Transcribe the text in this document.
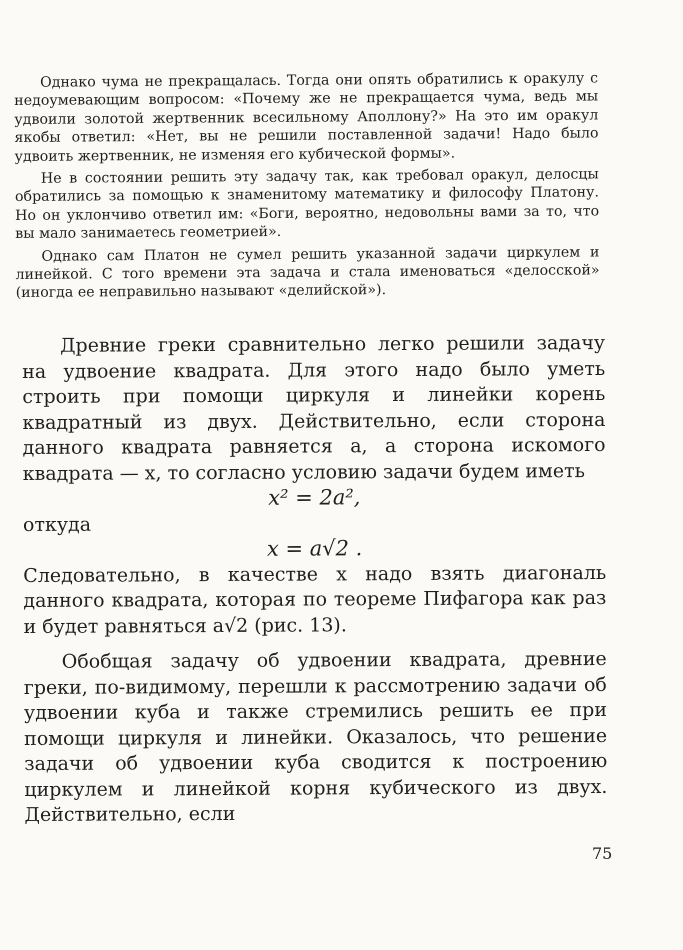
Однако чума не прекращалась. Тогда они опять обратились к оракулу с недоумевающим вопросом: «Почему же не прекращается чума, ведь мы удвоили золотой жертвенник всесильному Аполлону?» На это им оракул якобы ответил: «Нет, вы не решили поставленной задачи! Надо было удвоить жертвенник, не изменяя его кубической формы».

Не в состоянии решить эту задачу так, как требовал оракул, делосцы обратились за помощью к знаменитому математику и философу Платону. Но он уклончиво ответил им: «Боги, вероятно, недовольны вами за то, что вы мало занимаетесь геометрией».

Однако сам Платон не сумел решить указанной задачи циркулем и линейкой. С того времени эта задача и стала именоваться «делосской» (иногда ее неправильно называют «делийской»).

Древние греки сравнительно легко решили задачу на удвоение квадрата. Для этого надо было уметь строить при помощи циркуля и линейки корень квадратный из двух. Действительно, если сторона данного квадрата равняется a, а сторона искомого квадрата — x, то согласно условию задачи будем иметь

x² = 2a²,

откуда

x = a√2 .

Следовательно, в качестве x надо взять диагональ данного квадрата, которая по теореме Пифагора как раз и будет равняться a√2 (рис. 13).

Обобщая задачу об удвоении квадрата, древние греки, по-видимому, перешли к рассмотрению задачи об удвоении куба и также стремились решить ее при помощи циркуля и линейки. Оказалось, что решение задачи об удвоении куба сводится к построению циркулем и линейкой корня кубического из двух. Действительно, если

75
